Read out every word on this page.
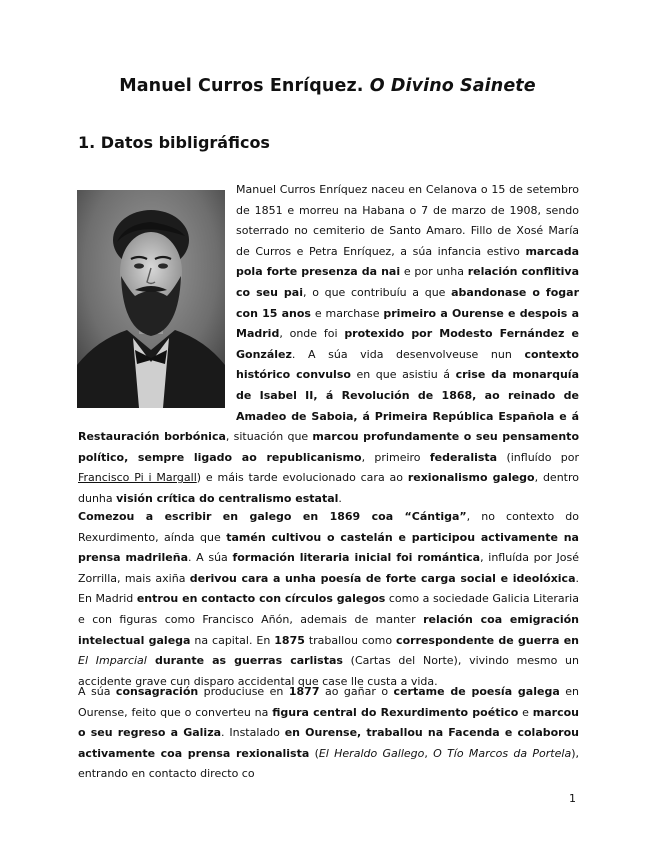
Manuel Curros Enríquez. O Divino Sainete
1. Datos bibligráficos

Manuel Curros Enríquez naceu en Celanova o 15 de setembro de 1851 e morreu na Habana o 7 de marzo de 1908, sendo soterrado no cemiterio de Santo Amaro. Fillo de Xosé María de Curros e Petra Enríquez, a súa infancia estivo marcada pola forte presenza da nai e por unha relación conflitiva co seu pai, o que contribuíu a que abandonase o fogar con 15 anos e marchase primeiro a Ourense e despois a Madrid, onde foi protexido por Modesto Fernández e González. A súa vida desenvolveuse nun contexto histórico convulso en que asistiu á crise da monarquía de Isabel II, á Revolución de 1868, ao reinado de Amadeo de Saboia, á Primeira República Española e á Restauración borbónica, situación que marcou profundamente o seu pensamento político, sempre ligado ao republicanismo, primeiro federalista (influído por Francisco Pi i Margall) e máis tarde evolucionado cara ao rexionalismo galego, dentro dunha visión crítica do centralismo estatal.

Comezou a escribir en galego en 1869 coa “Cántiga”, no contexto do Rexurdimento, aínda que tamén cultivou o castelán e participou activamente na prensa madrileña. A súa formación literaria inicial foi romántica, influída por José Zorrilla, mais axiña derivou cara a unha poesía de forte carga social e ideolóxica. En Madrid entrou en contacto con círculos galegos como a sociedade Galicia Literaria e con figuras como Francisco Añón, ademais de manter relación coa emigración intelectual galega na capital. En 1875 traballou como correspondente de guerra en El Imparcial durante as guerras carlistas (Cartas del Norte), vivindo mesmo un accidente grave cun disparo accidental que case lle custa a vida.

A súa consagración produciuse en 1877 ao gañar o certame de poesía galega en Ourense, feito que o converteu na figura central do Rexurdimento poético e marcou o seu regreso a Galiza. Instalado en Ourense, traballou na Facenda e colaborou activamente coa prensa rexionalista (El Heraldo Gallego, O Tío Marcos da Portela), entrando en contacto directo co

1
